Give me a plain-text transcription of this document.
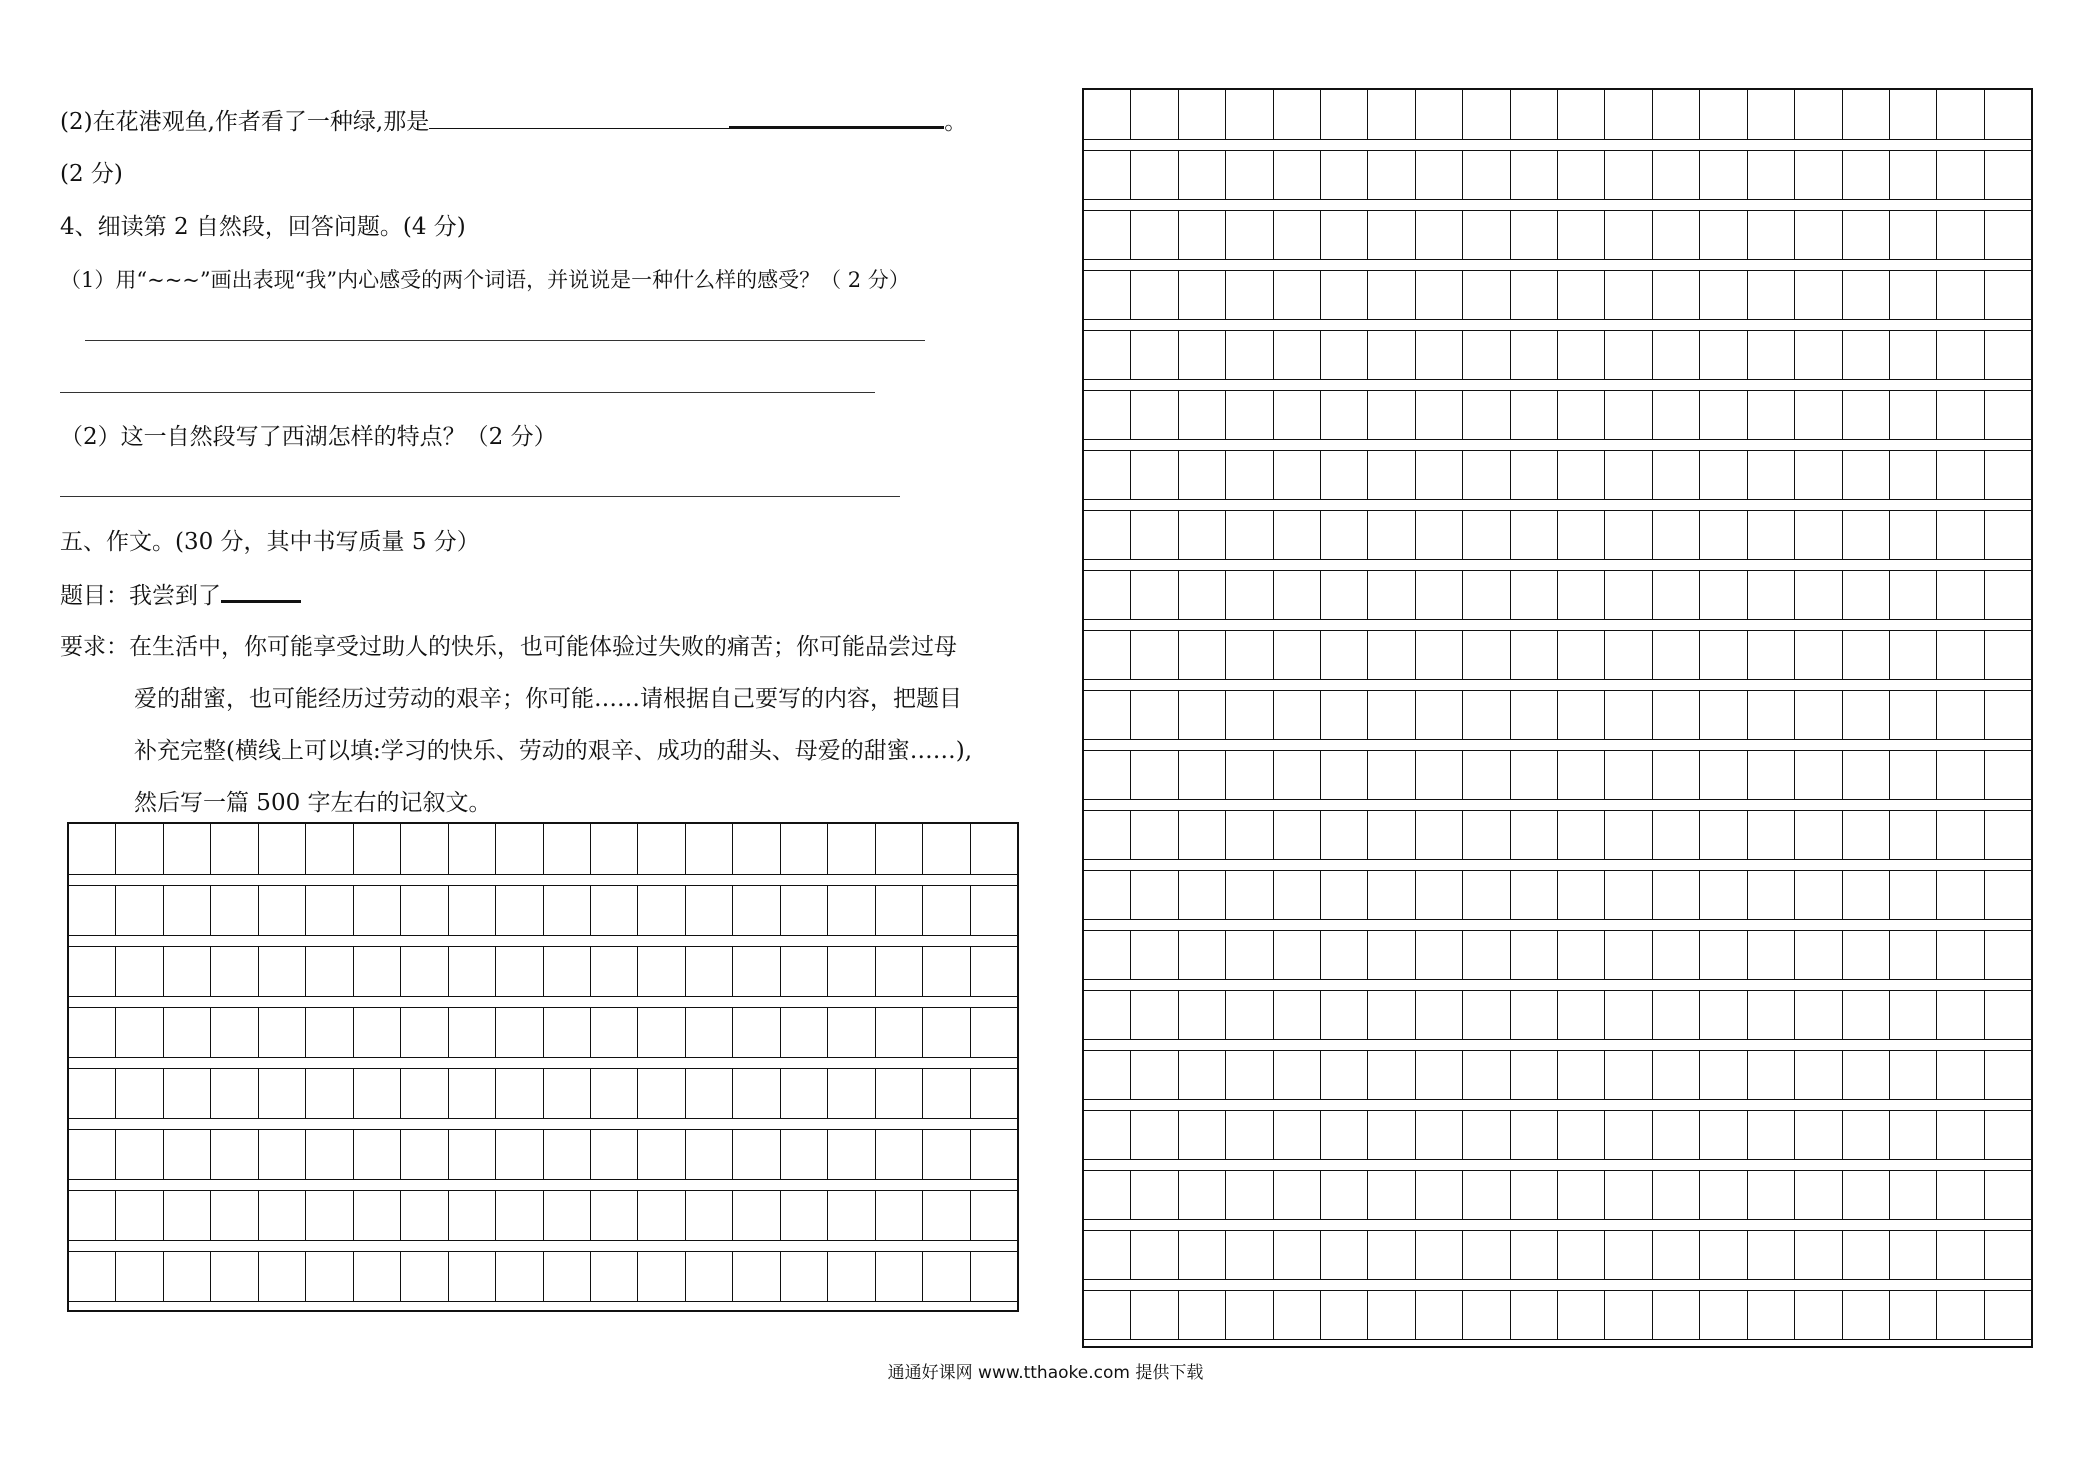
(2)在花港观鱼,作者看了一种绿,那是	。
(2 分)
4、细读第 2 自然段，回答问题。(4 分)
（1）用“~~~”画出表现“我”内心感受的两个词语，并说说是一种什么样的感受？（ 2 分）
（2）这一自然段写了西湖怎样的特点？（2 分）
五、作文。(30 分，其中书写质量 5 分）
题目：我尝到了
要求：在生活中，你可能享受过助人的快乐，也可能体验过失败的痛苦；你可能品尝过母
爱的甜蜜，也可能经历过劳动的艰辛；你可能……请根据自己要写的内容，把题目
补充完整(横线上可以填:学习的快乐、劳动的艰辛、成功的甜头、母爱的甜蜜……),
然后写一篇 500 字左右的记叙文。
通通好课网 www.tthaoke.com 提供下载
